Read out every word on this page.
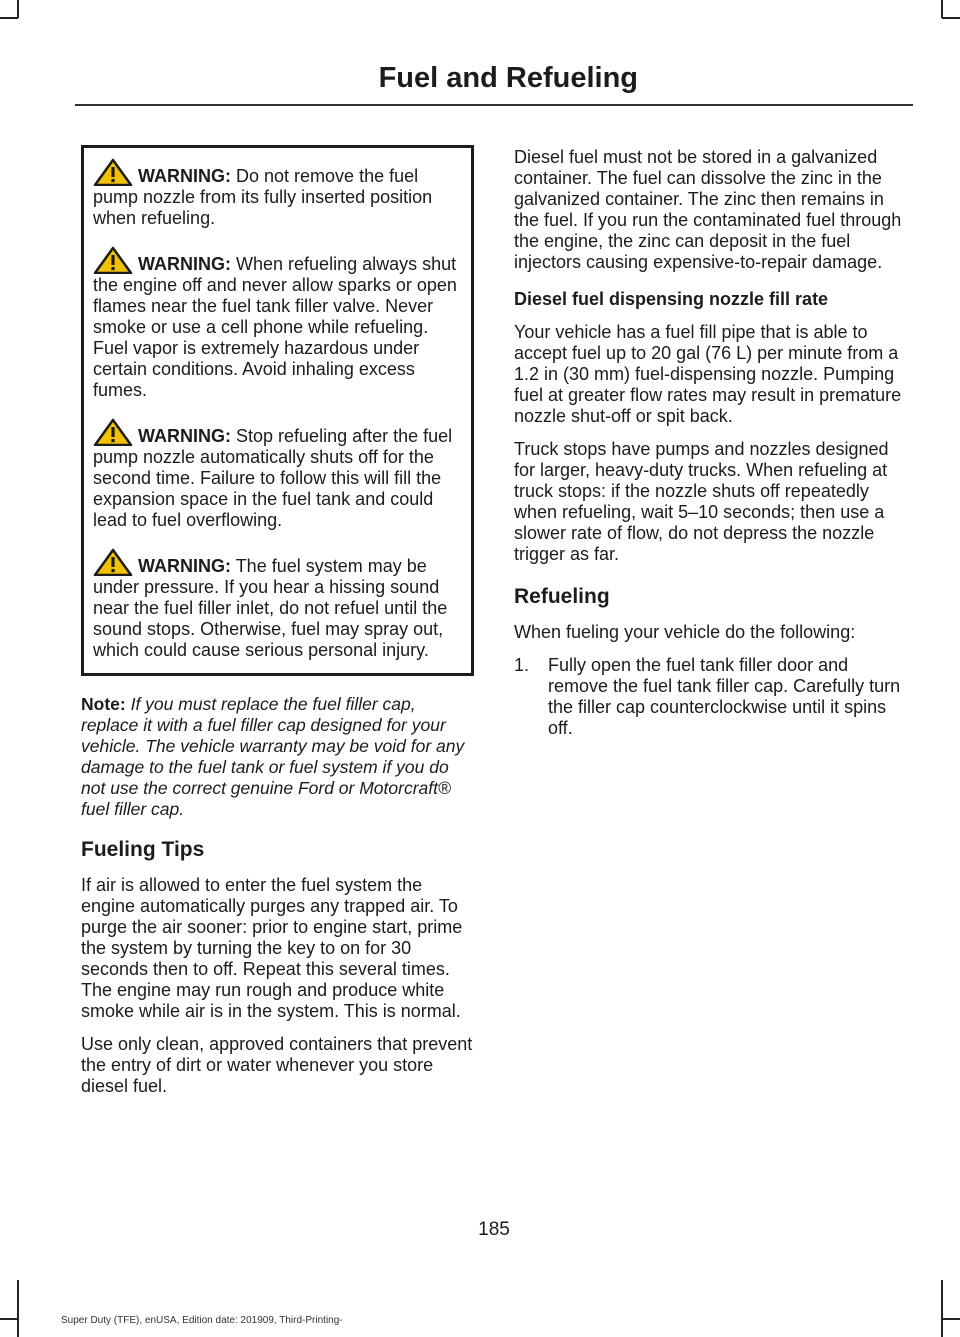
Fuel and Refueling
WARNING: Do not remove the fuel pump nozzle from its fully inserted position when refueling.
WARNING: When refueling always shut the engine off and never allow sparks or open flames near the fuel tank filler valve. Never smoke or use a cell phone while refueling. Fuel vapor is extremely hazardous under certain conditions. Avoid inhaling excess fumes.
WARNING: Stop refueling after the fuel pump nozzle automatically shuts off for the second time. Failure to follow this will fill the expansion space in the fuel tank and could lead to fuel overflowing.
WARNING: The fuel system may be under pressure. If you hear a hissing sound near the fuel filler inlet, do not refuel until the sound stops. Otherwise, fuel may spray out, which could cause serious personal injury.

Note: If you must replace the fuel filler cap, replace it with a fuel filler cap designed for your vehicle. The vehicle warranty may be void for any damage to the fuel tank or fuel system if you do not use the correct genuine Ford or Motorcraft® fuel filler cap.

Fueling Tips

If air is allowed to enter the fuel system the engine automatically purges any trapped air. To purge the air sooner: prior to engine start, prime the system by turning the key to on for 30 seconds then to off. Repeat this several times. The engine may run rough and produce white smoke while air is in the system. This is normal.

Use only clean, approved containers that prevent the entry of dirt or water whenever you store diesel fuel.

Diesel fuel must not be stored in a galvanized container. The fuel can dissolve the zinc in the galvanized container. The zinc then remains in the fuel. If you run the contaminated fuel through the engine, the zinc can deposit in the fuel injectors causing expensive-to-repair damage.

Diesel fuel dispensing nozzle fill rate

Your vehicle has a fuel fill pipe that is able to accept fuel up to 20 gal (76 L) per minute from a 1.2 in (30 mm) fuel-dispensing nozzle. Pumping fuel at greater flow rates may result in premature nozzle shut-off or spit back.

Truck stops have pumps and nozzles designed for larger, heavy-duty trucks. When refueling at truck stops: if the nozzle shuts off repeatedly when refueling, wait 5–10 seconds; then use a slower rate of flow, do not depress the nozzle trigger as far.

Refueling

When fueling your vehicle do the following:

1. Fully open the fuel tank filler door and remove the fuel tank filler cap. Carefully turn the filler cap counterclockwise until it spins off.
185
Super Duty (TFE), enUSA, Edition date: 201909, Third-Printing-
